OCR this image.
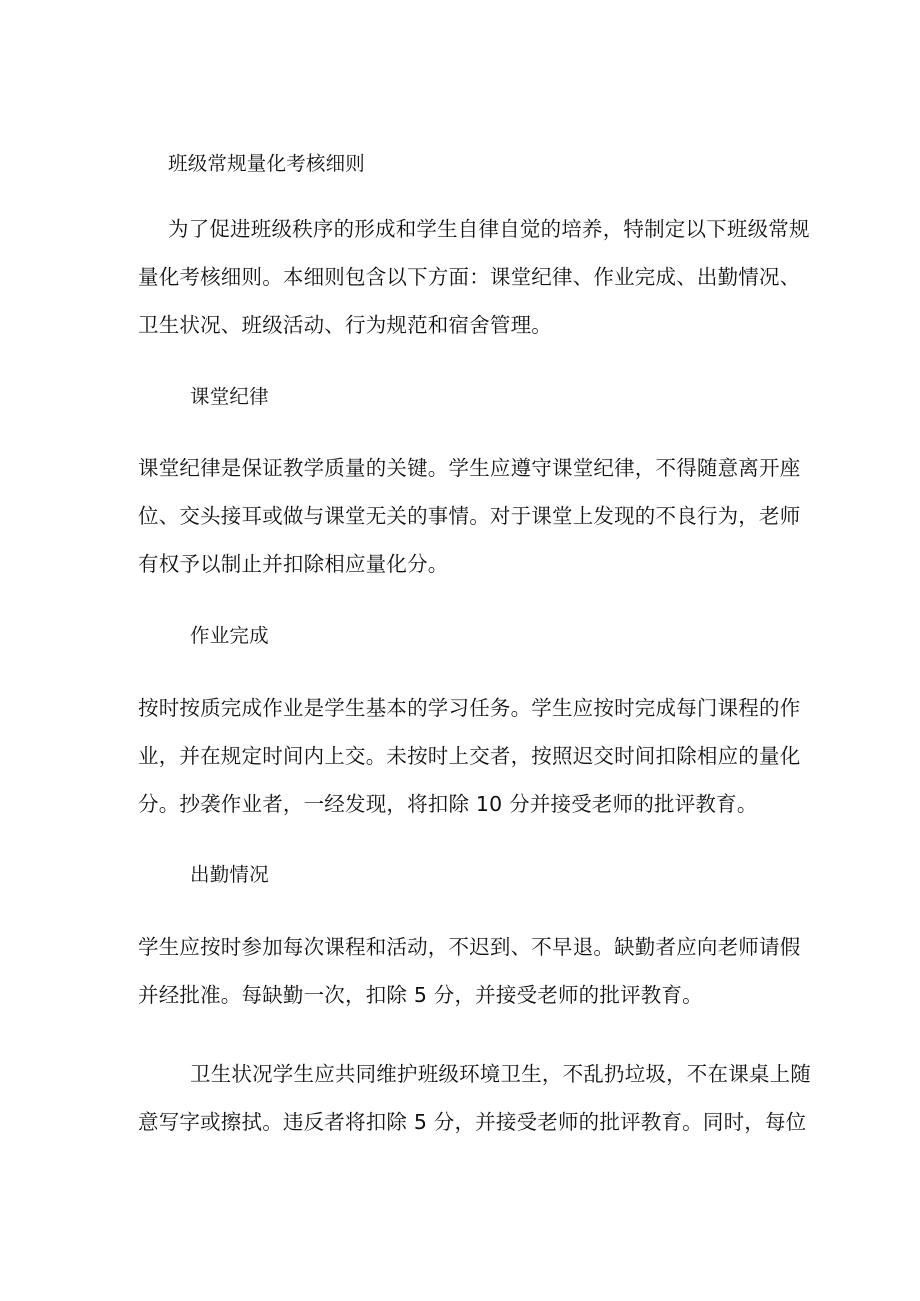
班级常规量化考核细则
为了促进班级秩序的形成和学生自律自觉的培养，特制定以下班级常规
量化考核细则。本细则包含以下方面：课堂纪律、作业完成、出勤情况、
卫生状况、班级活动、行为规范和宿舍管理。
课堂纪律
课堂纪律是保证教学质量的关键。学生应遵守课堂纪律，不得随意离开座
位、交头接耳或做与课堂无关的事情。对于课堂上发现的不良行为，老师
有权予以制止并扣除相应量化分。
作业完成
按时按质完成作业是学生基本的学习任务。学生应按时完成每门课程的作
业，并在规定时间内上交。未按时上交者，按照迟交时间扣除相应的量化
分。抄袭作业者，一经发现，将扣除 10 分并接受老师的批评教育。
出勤情况
学生应按时参加每次课程和活动，不迟到、不早退。缺勤者应向老师请假
并经批准。每缺勤一次，扣除 5 分，并接受老师的批评教育。
卫生状况学生应共同维护班级环境卫生，不乱扔垃圾，不在课桌上随
意写字或擦拭。违反者将扣除 5 分，并接受老师的批评教育。同时，每位
